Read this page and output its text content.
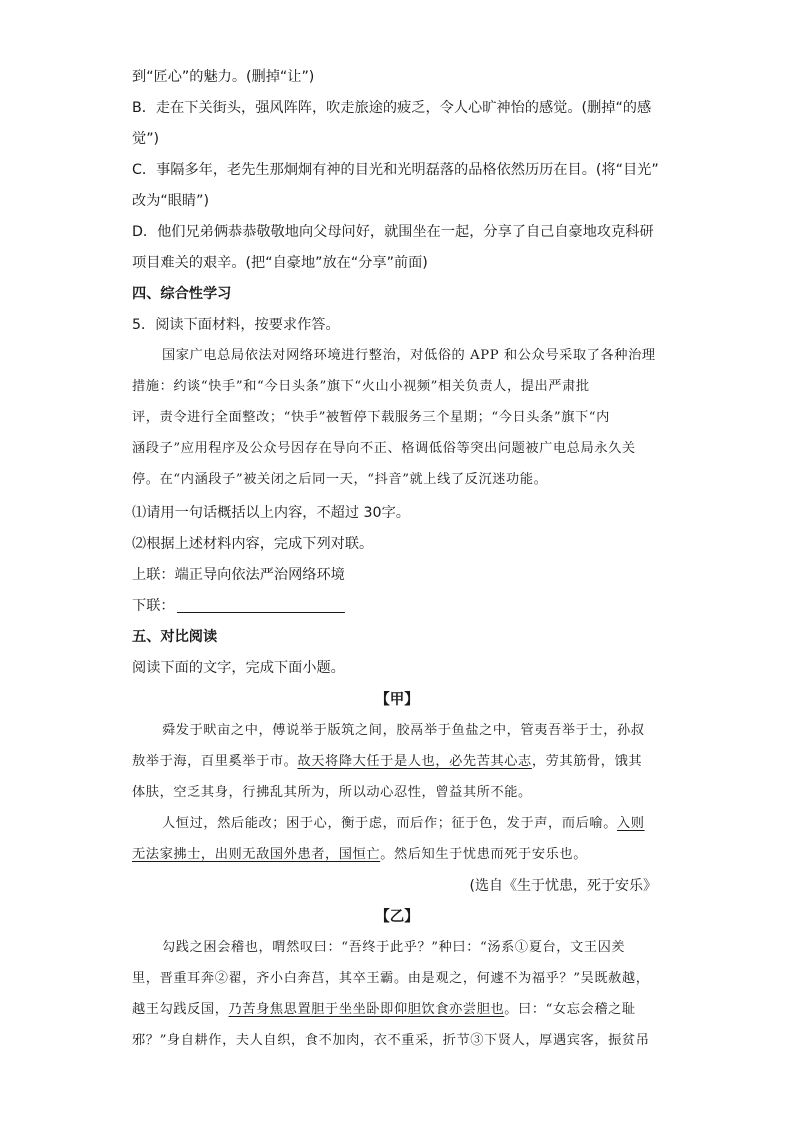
到“匠心”的魅力。(删掉“让”)
B．走在下关街头，强风阵阵，吹走旅途的疲乏，令人心旷神怡的感觉。(删掉“的感
觉”)
C．事隔多年，老先生那炯炯有神的目光和光明磊落的品格依然历历在目。(将“目光”
改为“眼睛”)
D．他们兄弟俩恭恭敬敬地向父母问好，就围坐在一起，分享了自己自豪地攻克科研
项目难关的艰辛。(把“自豪地”放在“分享”前面)
四、综合性学习
5．阅读下面材料，按要求作答。
国家广电总局依法对网络环境进行整治，对低俗的 APP 和公众号采取了各种治理
措施：约谈“快手”和“今日头条”旗下“火山小视频”相关负责人，提出严肃批
评，责令进行全面整改；“快手”被暂停下载服务三个星期；“今日头条”旗下“内
涵段子”应用程序及公众号因存在导向不正、格调低俗等突出问题被广电总局永久关
停。在“内涵段子”被关闭之后同一天，“抖音”就上线了反沉迷功能。
⑴请用一句话概括以上内容，不超过 30字。
⑵根据上述材料内容，完成下列对联。
上联：端正导向依法严治网络环境
下联：
五、对比阅读
阅读下面的文字，完成下面小题。
【甲】
舜发于畎亩之中，傅说举于版筑之间，胶鬲举于鱼盐之中，管夷吾举于士，孙叔
敖举于海，百里奚举于市。故天将降大任于是人也，必先苦其心志，劳其筋骨，饿其
体肤，空乏其身，行拂乱其所为，所以动心忍性，曾益其所不能。
人恒过，然后能改；困于心，衡于虑，而后作；征于色，发于声，而后喻。入则
无法家拂士，出则无敌国外患者，国恒亡。然后知生于忧患而死于安乐也。
(选自《生于忧患，死于安乐》
【乙】
勾践之困会稽也，喟然叹曰：“吾终于此乎？”种曰：“汤系①夏台，文王囚羑
里，晋重耳奔②翟，齐小白奔莒，其卒王霸。由是观之，何遽不为福乎？”吴既赦越，
越王勾践反国，乃苦身焦思置胆于坐坐卧即仰胆饮食亦尝胆也。曰：“女忘会稽之耻
邪？”身自耕作，夫人自织，食不加肉，衣不重采，折节③下贤人，厚遇宾客，振贫吊
